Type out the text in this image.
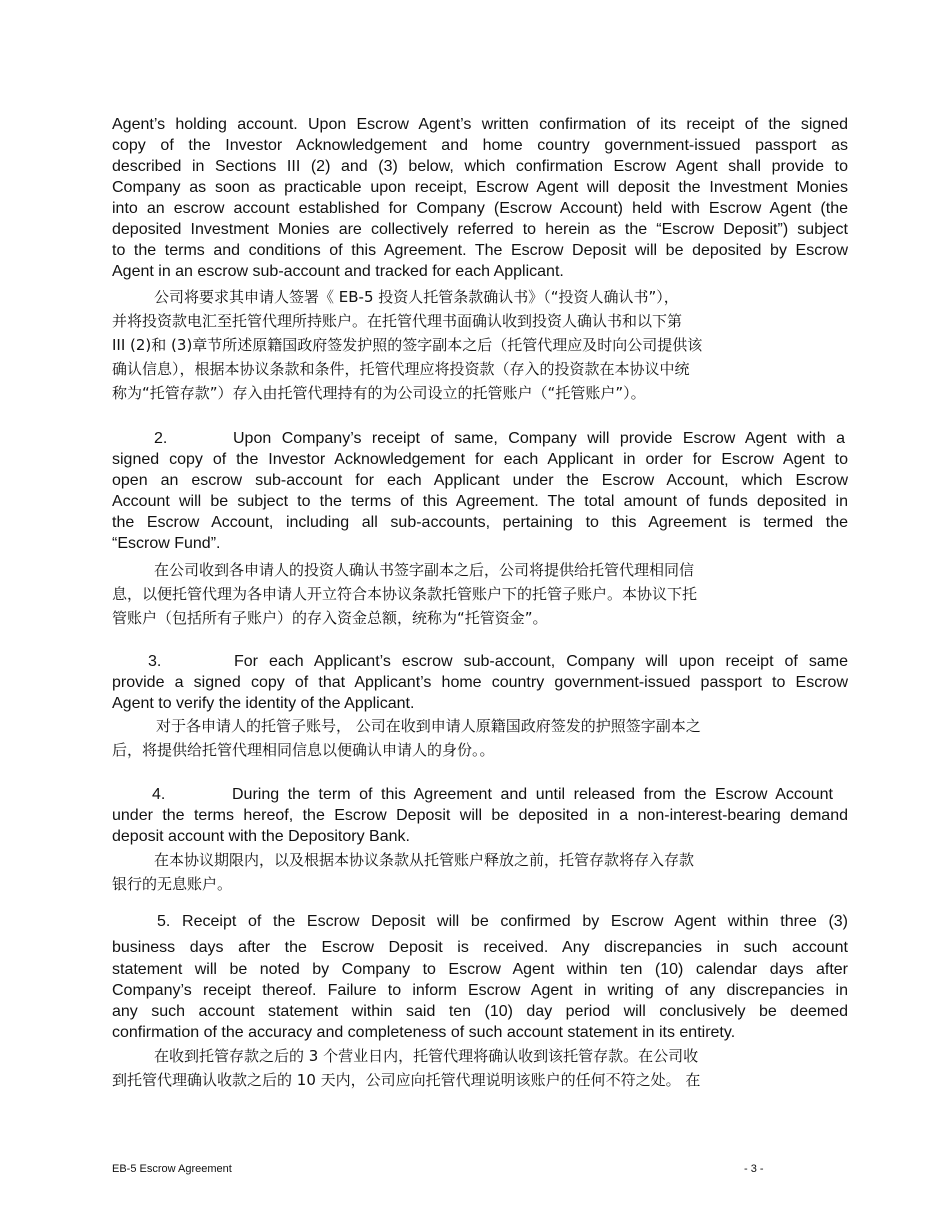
Agent’s holding account. Upon Escrow Agent’s written confirmation of its receipt of the signed
copy of the Investor Acknowledgement and home country government-issued passport as
described in Sections III (2) and (3) below, which confirmation Escrow Agent shall provide to
Company as soon as practicable upon receipt, Escrow Agent will deposit the Investment Monies
into an escrow account established for Company (Escrow Account) held with Escrow Agent (the
deposited Investment Monies are collectively referred to herein as the “Escrow Deposit”) subject
to the terms and conditions of this Agreement. The Escrow Deposit will be deposited by Escrow
Agent in an escrow sub-account and tracked for each Applicant.
公司将要求其申请人签署《 EB-5 投资人托管条款确认书》（“投资人确认书”），
并将投资款电汇至托管代理所持账户。在托管代理书面确认收到投资人确认书和以下第
III (2)和 (3)章节所述原籍国政府签发护照的签字副本之后（托管代理应及时向公司提供该
确认信息），根据本协议条款和条件，托管代理应将投资款（存入的投资款在本协议中统
称为“托管存款”）存入由托管代理持有的为公司设立的托管账户（“托管账户”）。
2.	Upon Company’s receipt of same, Company will provide Escrow Agent with a
signed copy of the Investor Acknowledgement for each Applicant in order for Escrow Agent to
open an escrow sub-account for each Applicant under the Escrow Account, which Escrow
Account will be subject to the terms of this Agreement. The total amount of funds deposited in
the Escrow Account, including all sub-accounts, pertaining to this Agreement is termed the
“Escrow Fund”.
在公司收到各申请人的投资人确认书签字副本之后，公司将提供给托管代理相同信
息，以便托管代理为各申请人开立符合本协议条款托管账户下的托管子账户。本协议下托
管账户（包括所有子账户）的存入资金总额，统称为“托管资金”。
3.	For each Applicant’s escrow sub-account, Company will upon receipt of same
provide a signed copy of that Applicant’s home country government-issued passport to Escrow
Agent to verify the identity of the Applicant.
对于各申请人的托管子账号， 公司在收到申请人原籍国政府签发的护照签字副本之
后，将提供给托管代理相同信息以便确认申请人的身份。。
4.	During the term of this Agreement and until released from the Escrow Account
under the terms hereof, the Escrow Deposit will be deposited in a non-interest-bearing demand
deposit account with the Depository Bank.
在本协议期限内，以及根据本协议条款从托管账户释放之前，托管存款将存入存款
银行的无息账户。
5. Receipt of the Escrow Deposit will be confirmed by Escrow Agent within three (3)
business days after the Escrow Deposit is received. Any discrepancies in such account
statement will be noted by Company to Escrow Agent within ten (10) calendar days after
Company’s receipt thereof. Failure to inform Escrow Agent in writing of any discrepancies in
any such account statement within said ten (10) day period will conclusively be deemed
confirmation of the accuracy and completeness of such account statement in its entirety.
在收到托管存款之后的 3 个营业日内，托管代理将确认收到该托管存款。在公司收
到托管代理确认收款之后的 10 天内，公司应向托管代理说明该账户的任何不符之处。 在
EB-5 Escrow Agreement	- 3 -
